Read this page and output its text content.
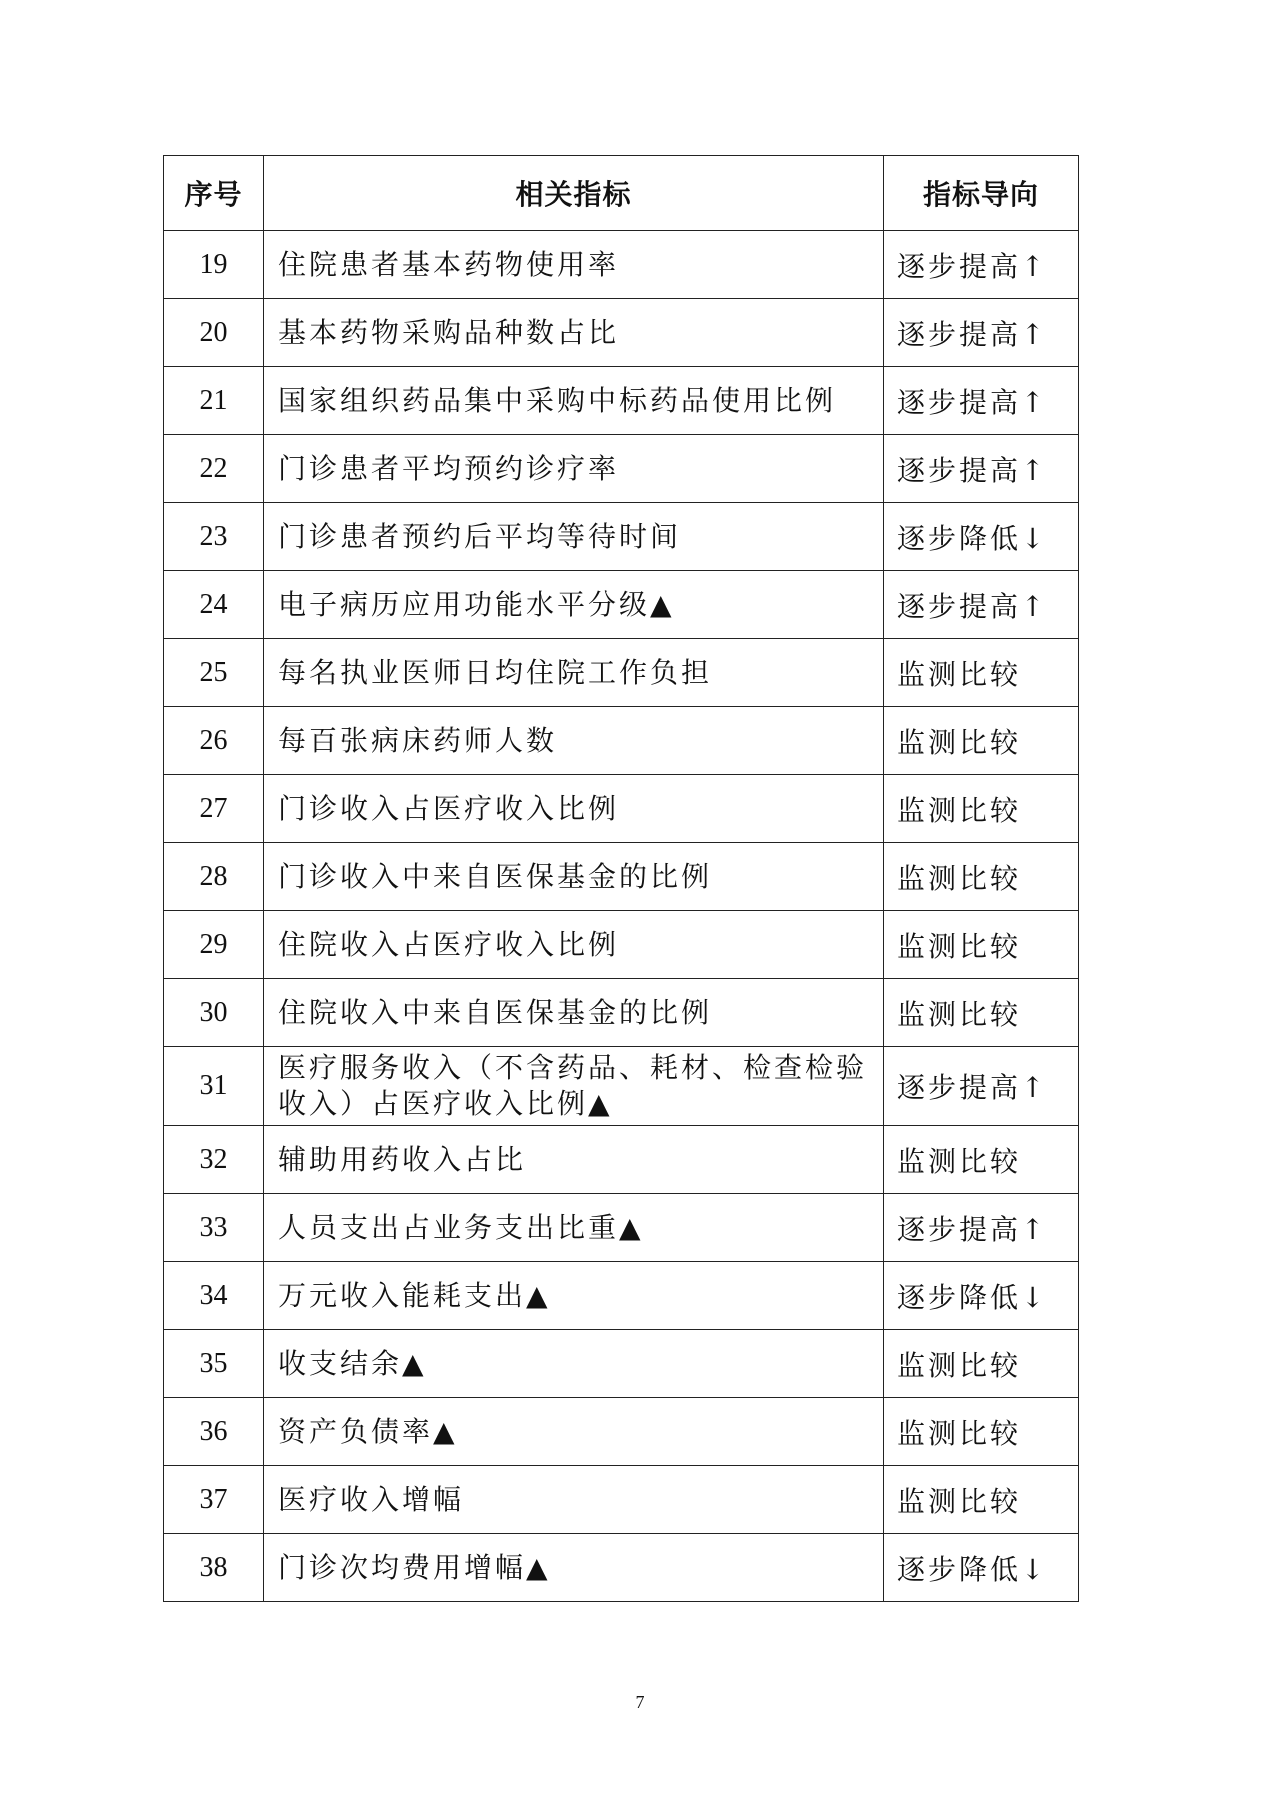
序号	相关指标	指标导向
19	住院患者基本药物使用率	逐步提高↑
20	基本药物采购品种数占比	逐步提高↑
21	国家组织药品集中采购中标药品使用比例	逐步提高↑
22	门诊患者平均预约诊疗率	逐步提高↑
23	门诊患者预约后平均等待时间	逐步降低↓
24	电子病历应用功能水平分级▲	逐步提高↑
25	每名执业医师日均住院工作负担	监测比较
26	每百张病床药师人数	监测比较
27	门诊收入占医疗收入比例	监测比较
28	门诊收入中来自医保基金的比例	监测比较
29	住院收入占医疗收入比例	监测比较
30	住院收入中来自医保基金的比例	监测比较
31	医疗服务收入（不含药品、耗材、检查检验收入）占医疗收入比例▲	逐步提高↑
32	辅助用药收入占比	监测比较
33	人员支出占业务支出比重▲	逐步提高↑
34	万元收入能耗支出▲	逐步降低↓
35	收支结余▲	监测比较
36	资产负债率▲	监测比较
37	医疗收入增幅	监测比较
38	门诊次均费用增幅▲	逐步降低↓
7
